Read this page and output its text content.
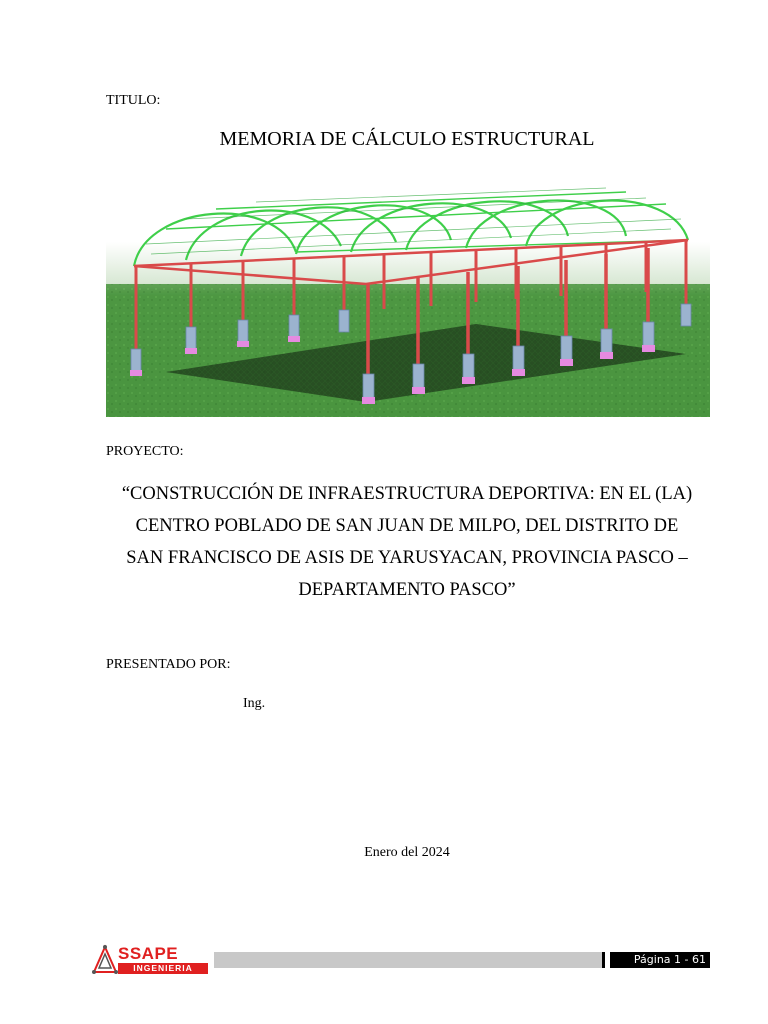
TITULO:
MEMORIA DE CÁLCULO ESTRUCTURAL
PROYECTO:
“CONSTRUCCIÓN DE INFRAESTRUCTURA DEPORTIVA: EN EL (LA)
CENTRO POBLADO DE SAN JUAN DE MILPO, DEL DISTRITO DE
SAN FRANCISCO DE ASIS DE YARUSYACAN, PROVINCIA PASCO –
DEPARTAMENTO PASCO”
PRESENTADO POR:
Ing.
Enero del 2024
SSAPE
INGENIERIA
Página 1 - 61
